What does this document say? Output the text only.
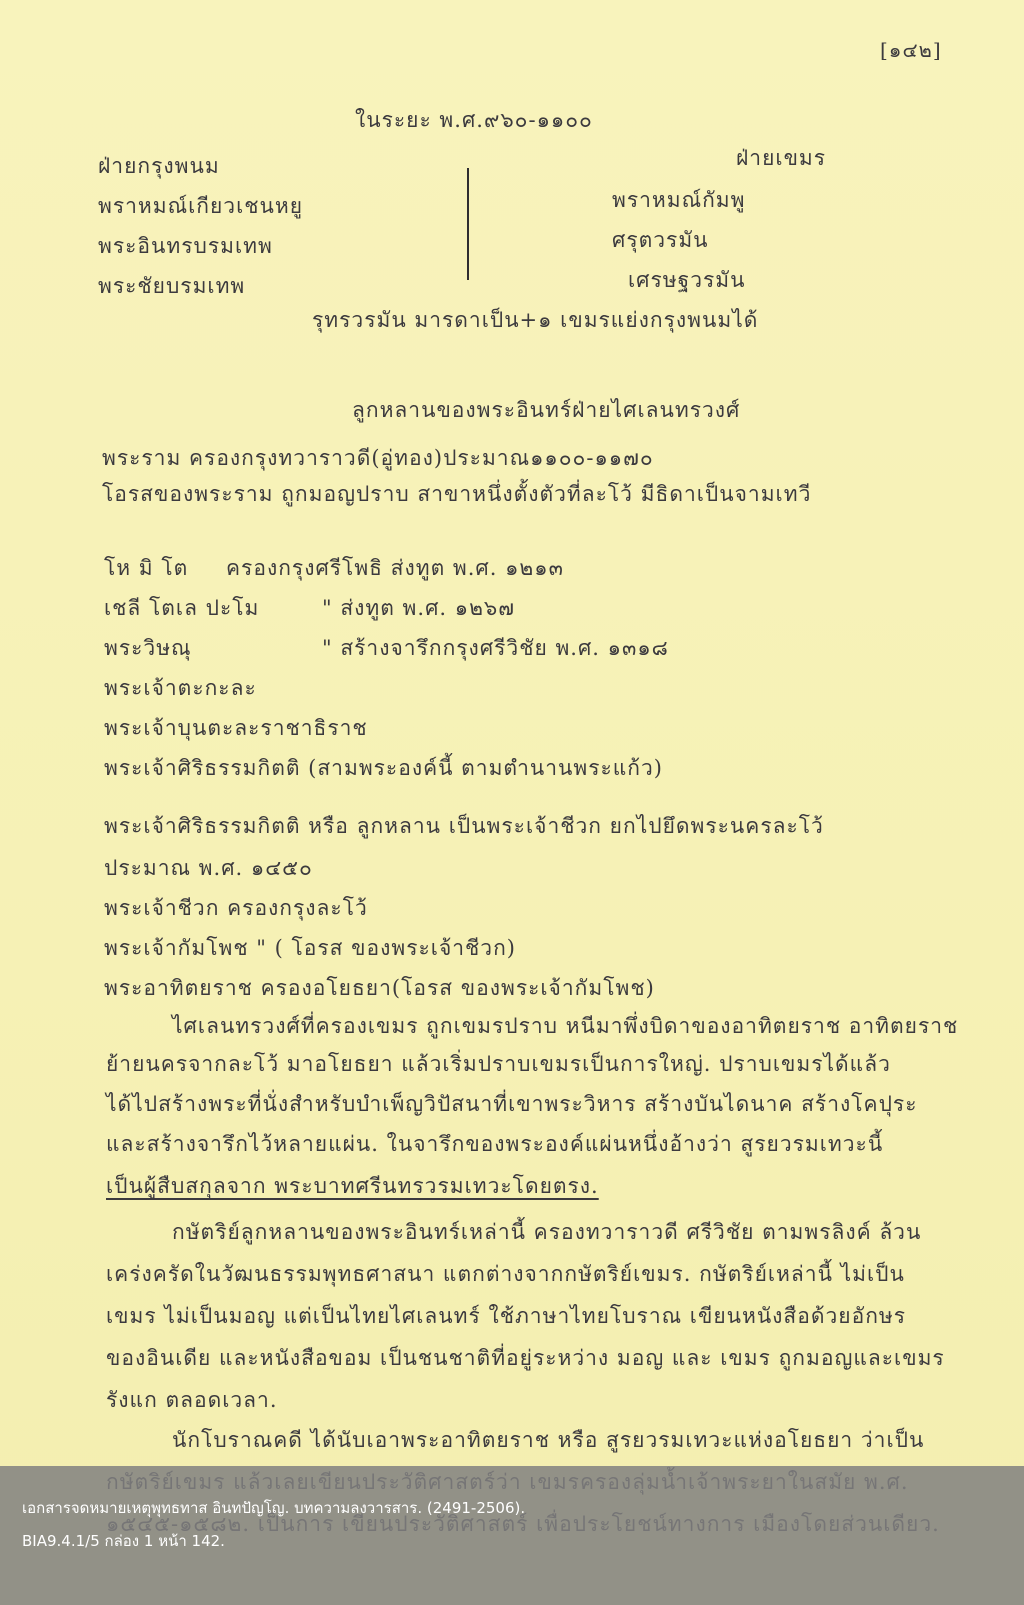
[๑๔๒]
ในระยะ พ.ศ.๙๖๐-๑๑๐๐
ฝ่ายกรุงพนม
พราหมณ์เกียวเชนหยู
พระอินทรบรมเทพ
พระชัยบรมเทพ
ฝ่ายเขมร
พราหมณ์กัมพู
ศรุตวรมัน
เศรษฐวรมัน
รุทรวรมัน มารดาเป็น+๑ เขมรแย่งกรุงพนมได้
ลูกหลานของพระอินทร์ฝ่ายไศเลนทรวงศ์
พระราม ครองกรุงทวาราวดี(อู่ทอง)ประมาณ๑๑๐๐-๑๑๗๐
โอรสของพระราม ถูกมอญปราบ สาขาหนึ่งตั้งตัวที่ละโว้ มีธิดาเป็นจามเทวี
โห มิ โต ครองกรุงศรีโพธิ ส่งทูต พ.ศ. ๑๒๑๓
เชลี โตเล ปะโม	" ส่งทูต พ.ศ. ๑๒๖๗
พระวิษณุ	" สร้างจารึกกรุงศรีวิชัย พ.ศ. ๑๓๑๘
พระเจ้าตะกะละ
พระเจ้าบุนตะละราชาธิราช
พระเจ้าศิริธรรมกิตติ (สามพระองค์นี้ ตามตำนานพระแก้ว)
พระเจ้าศิริธรรมกิตติ หรือ ลูกหลาน เป็นพระเจ้าชีวก ยกไปยึดพระนครละโว้
ประมาณ พ.ศ. ๑๔๕๐
พระเจ้าชีวก ครองกรุงละโว้
พระเจ้ากัมโพช " ( โอรส ของพระเจ้าชีวก)
พระอาทิตยราช ครองอโยธยา(โอรส ของพระเจ้ากัมโพช)
ไศเลนทรวงศ์ที่ครองเขมร ถูกเขมรปราบ หนีมาพึ่งบิดาของอาทิตยราช อาทิตยราช
ย้ายนครจากละโว้ มาอโยธยา แล้วเริ่มปราบเขมรเป็นการใหญ่. ปราบเขมรได้แล้ว
ได้ไปสร้างพระที่นั่งสำหรับบำเพ็ญวิปัสนาที่เขาพระวิหาร สร้างบันไดนาค สร้างโคปุระ
และสร้างจารึกไว้หลายแผ่น. ในจารึกของพระองค์แผ่นหนึ่งอ้างว่า สูรยวรมเทวะนี้
เป็นผู้สืบสกุลจาก พระบาทศรีนทรวรมเทวะโดยตรง.
กษัตริย์ลูกหลานของพระอินทร์เหล่านี้ ครองทวาราวดี ศรีวิชัย ตามพรลิงค์ ล้วน
เคร่งครัดในวัฒนธรรมพุทธศาสนา แตกต่างจากกษัตริย์เขมร. กษัตริย์เหล่านี้ ไม่เป็น
เขมร ไม่เป็นมอญ แต่เป็นไทยไศเลนทร์ ใช้ภาษาไทยโบราณ เขียนหนังสือด้วยอักษร
ของอินเดีย และหนังสือขอม เป็นชนชาติที่อยู่ระหว่าง มอญ และ เขมร ถูกมอญและเขมร
รังแก ตลอดเวลา.
นักโบราณคดี ได้นับเอาพระอาทิตยราช หรือ สูรยวรมเทวะแห่งอโยธยา ว่าเป็น
เอกสารจดหมายเหตุพุทธทาส อินทปัญโญ. บทความลงวารสาร. (2491-2506).
BIA9.4.1/5 กล่อง 1 หน้า 142.
